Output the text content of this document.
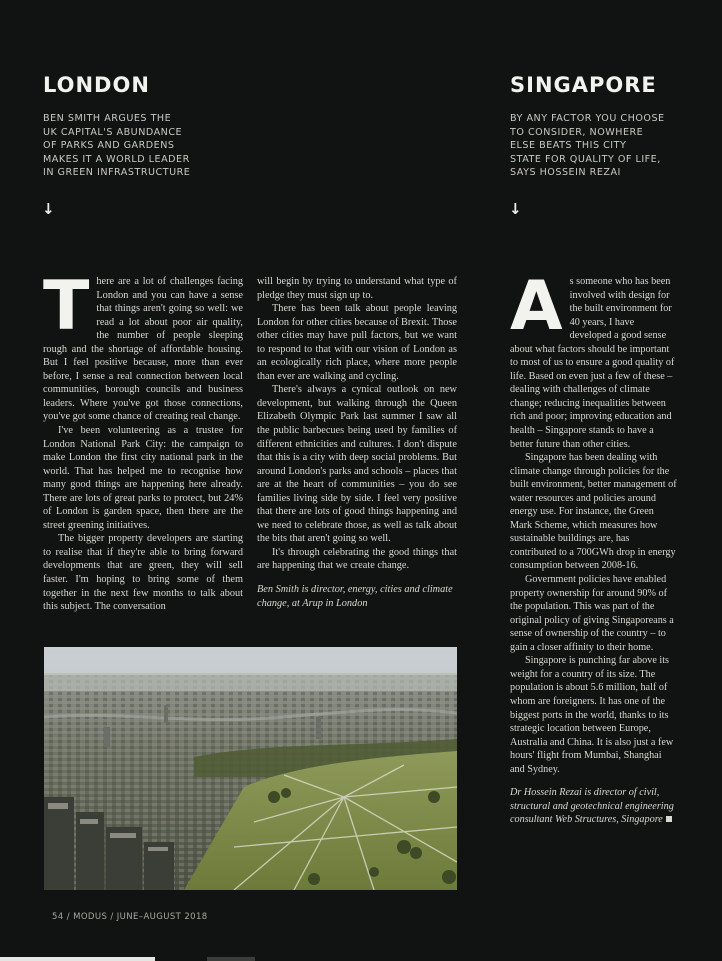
LONDON
BEN SMITH ARGUES THE
UK CAPITAL'S ABUNDANCE
OF PARKS AND GARDENS
MAKES IT A WORLD LEADER
IN GREEN INFRASTRUCTURE
↓
SINGAPORE
BY ANY FACTOR YOU CHOOSE
TO CONSIDER, NOWHERE
ELSE BEATS THIS CITY
STATE FOR QUALITY OF LIFE,
SAYS HOSSEIN REZAI
↓
T here are a lot of challenges facing London and you can have a sense that things aren't going so well: we read a lot about poor air quality, the number of people sleeping rough and the shortage of affordable housing. But I feel positive because, more than ever before, I sense a real connection between local communities, borough councils and business leaders. Where you've got those connections, you've got some chance of creating real change.

I've been volunteering as a trustee for London National Park City: the campaign to make London the first city national park in the world. That has helped me to recognise how many good things are happening here already. There are lots of great parks to protect, but 24% of London is garden space, then there are the street greening initiatives.

The bigger property developers are starting to realise that if they're able to bring forward developments that are green, they will sell faster. I'm hoping to bring some of them together in the next few months to talk about this subject. The conversation

will begin by trying to understand what type of pledge they must sign up to.

There has been talk about people leaving London for other cities because of Brexit. Those other cities may have pull factors, but we want to respond to that with our vision of London as an ecologically rich place, where more people than ever are walking and cycling.

There's always a cynical outlook on new development, but walking through the Queen Elizabeth Olympic Park last summer I saw all the public barbecues being used by families of different ethnicities and cultures. I don't dispute that this is a city with deep social problems. But around London's parks and schools – places that are at the heart of communities – you do see families living side by side. I feel very positive that there are lots of good things happening and we need to celebrate those, as well as talk about the bits that aren't going so well.

It's through celebrating the good things that are happening that we create change.

Ben Smith is director, energy, cities and climate change, at Arup in London

A s someone who has been involved with design for the built environment for 40 years, I have developed a good sense about what factors should be important to most of us to ensure a good quality of life. Based on even just a few of these – dealing with challenges of climate change; reducing inequalities between rich and poor; improving education and health – Singapore stands to have a better future than other cities.

Singapore has been dealing with climate change through policies for the built environment, better management of water resources and policies around energy use. For instance, the Green Mark Scheme, which measures how sustainable buildings are, has contributed to a 700GWh drop in energy consumption between 2008-16.

Government policies have enabled property ownership for around 90% of the population. This was part of the original policy of giving Singaporeans a sense of ownership of the country – to gain a closer affinity to their home.

Singapore is punching far above its weight for a country of its size. The population is about 5.6 million, half of whom are foreigners. It has one of the biggest ports in the world, thanks to its strategic location between Europe, Australia and China. It is also just a few hours' flight from Mumbai, Shanghai and Sydney.

Dr Hossein Rezai is director of civil, structural and geotechnical engineering consultant Web Structures, Singapore

54 / MODUS / JUNE–AUGUST 2018
